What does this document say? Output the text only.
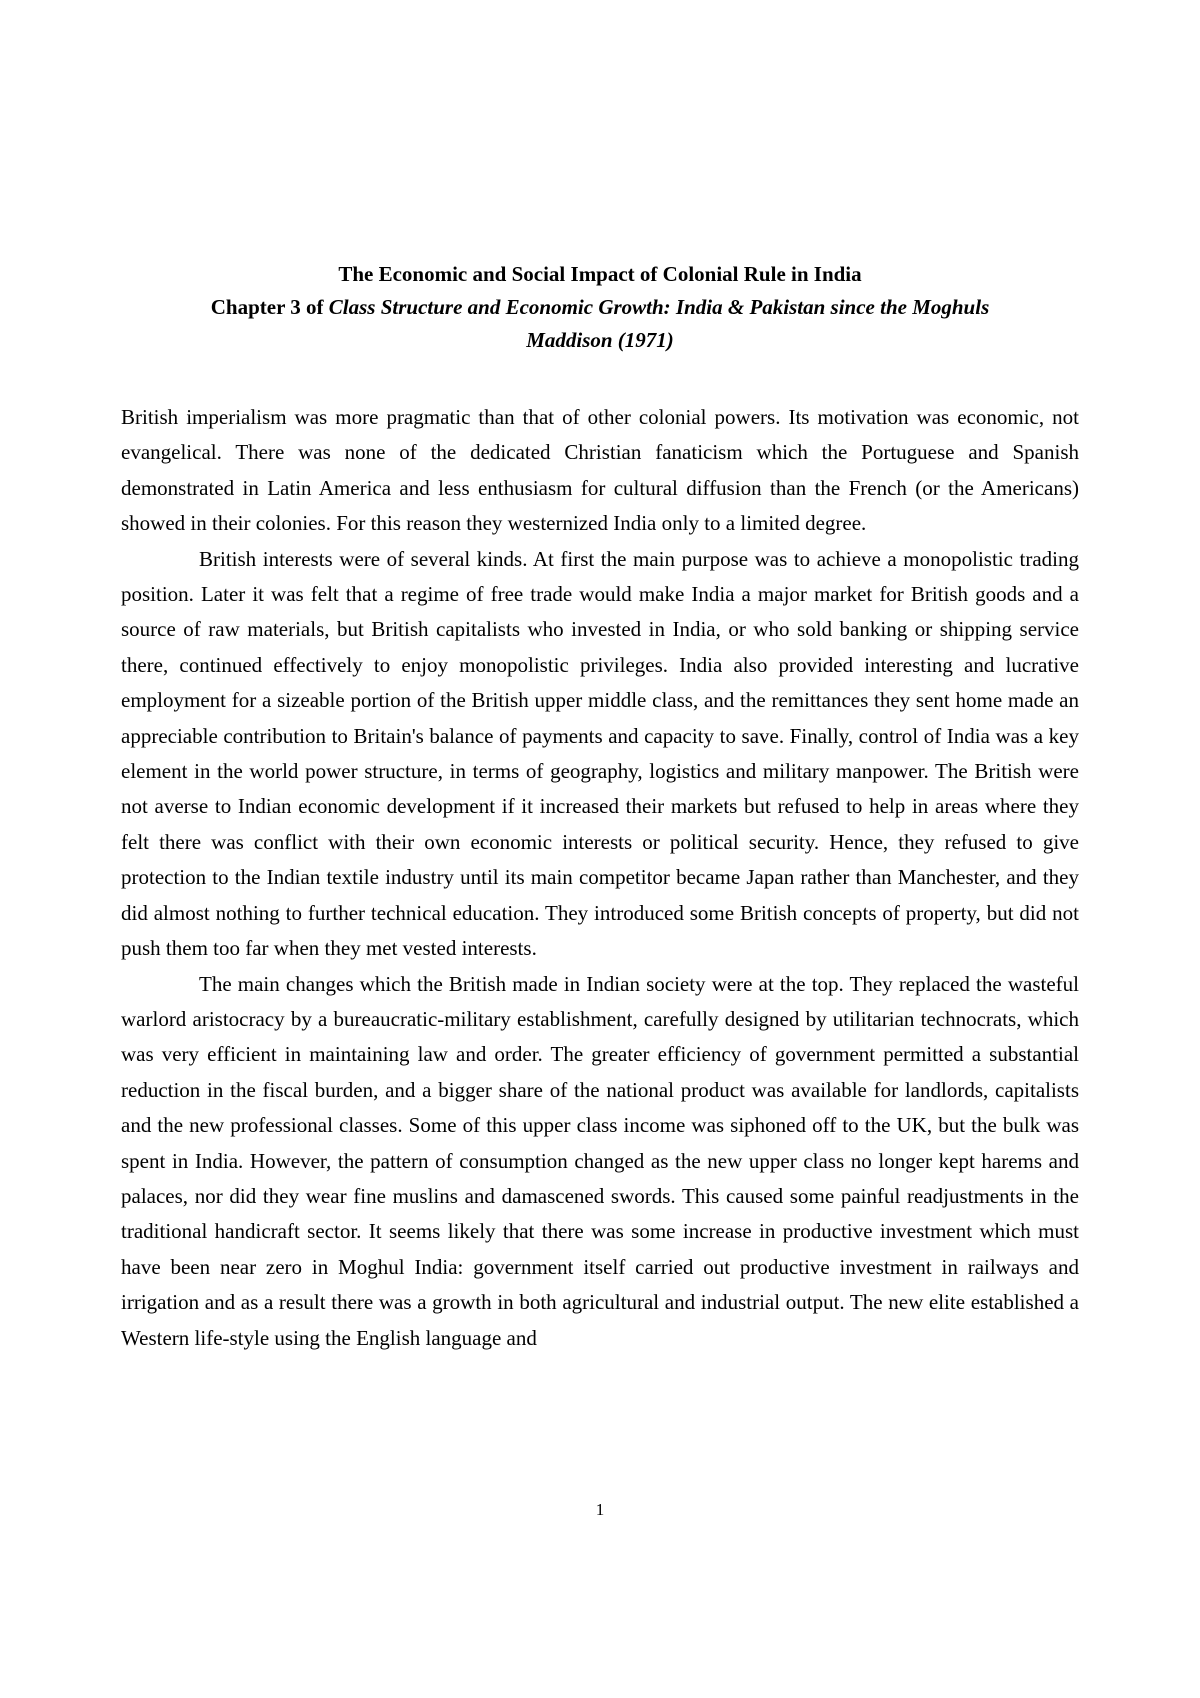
The Economic and Social Impact of Colonial Rule in India
Chapter 3 of Class Structure and Economic Growth: India & Pakistan since the Moghuls
Maddison (1971)

British imperialism was more pragmatic than that of other colonial powers. Its motivation was economic, not evangelical. There was none of the dedicated Christian fanaticism which the Portuguese and Spanish demonstrated in Latin America and less enthusiasm for cultural diffusion than the French (or the Americans) showed in their colonies. For this reason they westernized India only to a limited degree.

British interests were of several kinds. At first the main purpose was to achieve a monopolistic trading position. Later it was felt that a regime of free trade would make India a major market for British goods and a source of raw materials, but British capitalists who invested in India, or who sold banking or shipping service there, continued effectively to enjoy monopolistic privileges. India also provided interesting and lucrative employment for a sizeable portion of the British upper middle class, and the remittances they sent home made an appreciable contribution to Britain's balance of payments and capacity to save. Finally, control of India was a key element in the world power structure, in terms of geography, logistics and military manpower. The British were not averse to Indian economic development if it increased their markets but refused to help in areas where they felt there was conflict with their own economic interests or political security. Hence, they refused to give protection to the Indian textile industry until its main competitor became Japan rather than Manchester, and they did almost nothing to further technical education. They introduced some British concepts of property, but did not push them too far when they met vested interests.

The main changes which the British made in Indian society were at the top. They replaced the wasteful warlord aristocracy by a bureaucratic-military establishment, carefully designed by utilitarian technocrats, which was very efficient in maintaining law and order. The greater efficiency of government permitted a substantial reduction in the fiscal burden, and a bigger share of the national product was available for landlords, capitalists and the new professional classes. Some of this upper class income was siphoned off to the UK, but the bulk was spent in India. However, the pattern of consumption changed as the new upper class no longer kept harems and palaces, nor did they wear fine muslins and damascened swords. This caused some painful readjustments in the traditional handicraft sector. It seems likely that there was some increase in productive investment which must have been near zero in Moghul India: government itself carried out productive investment in railways and irrigation and as a result there was a growth in both agricultural and industrial output. The new elite established a Western life-style using the English language and

1
